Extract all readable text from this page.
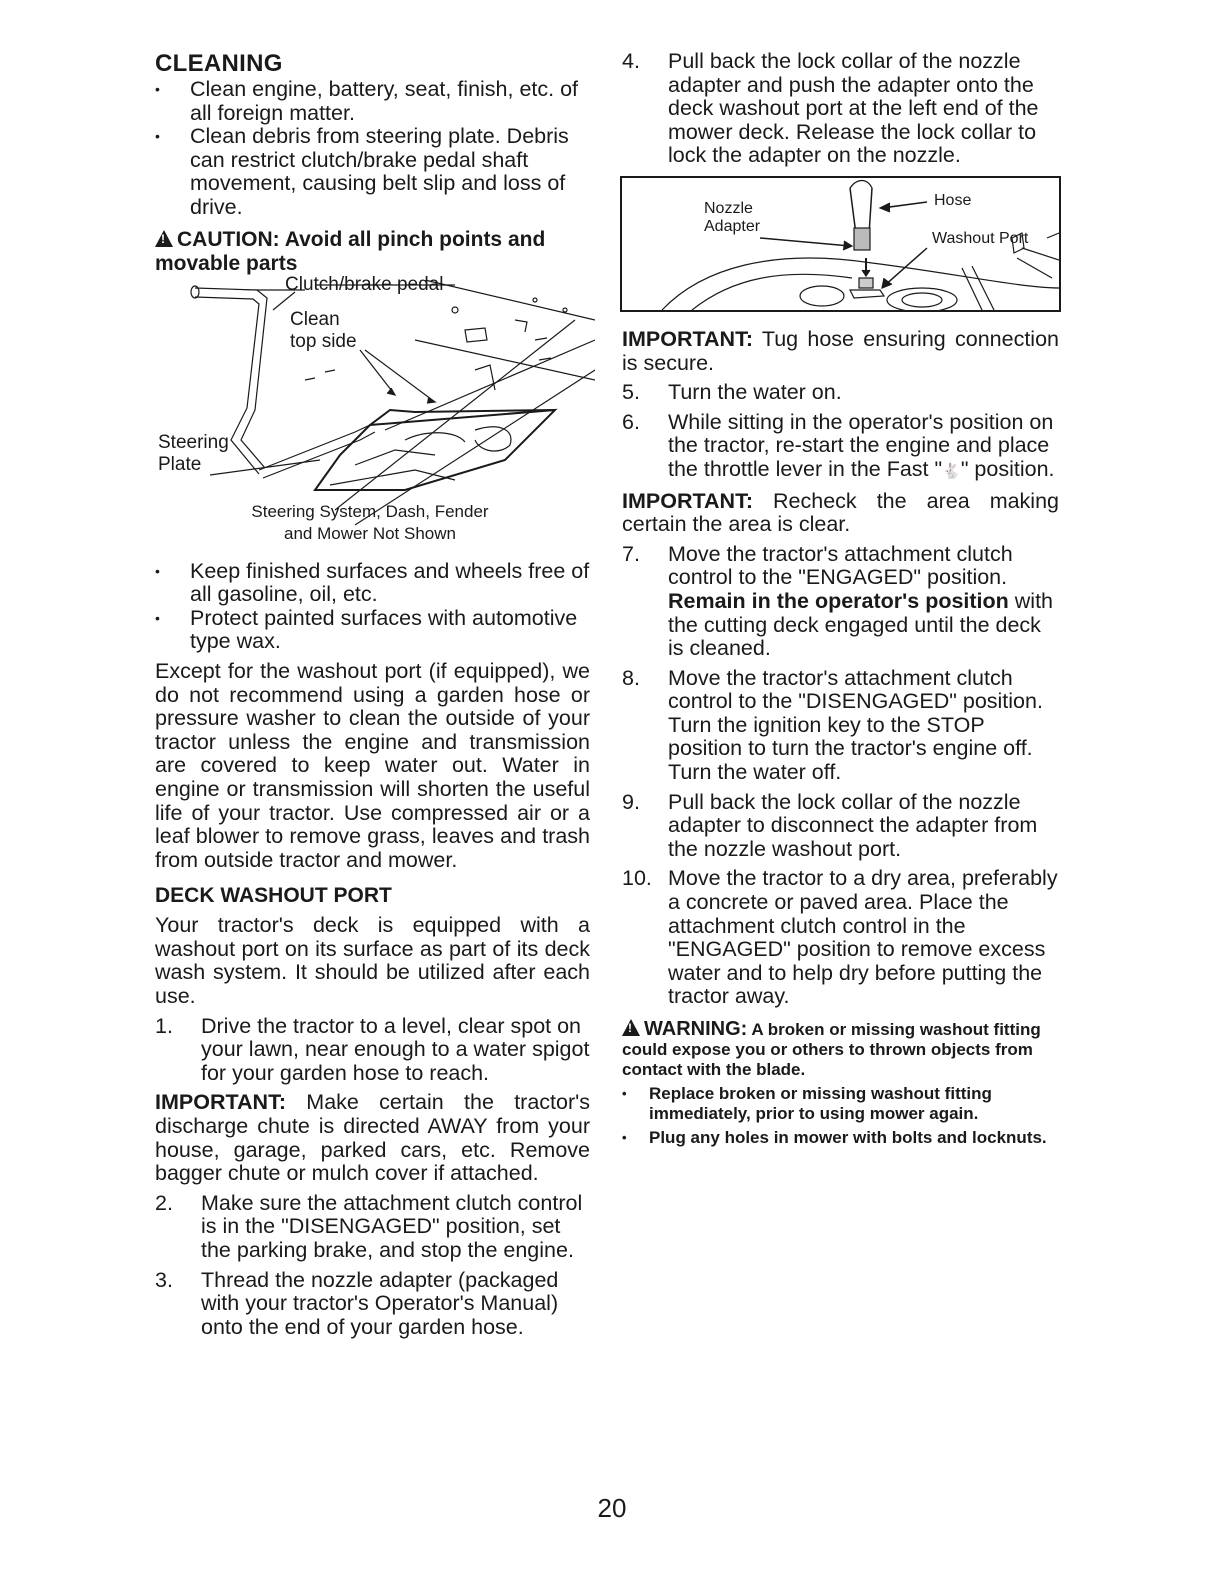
CLEANING
• Clean engine, battery, seat, finish, etc. of all foreign matter.
• Clean debris from steering plate. Debris can restrict clutch/brake pedal shaft movement, causing belt slip and loss of drive.
!CAUTION: Avoid all pinch points and movable parts
Clutch/brake pedal
Clean
top side
Steering
Plate
Steering System, Dash, Fender
and Mower Not Shown
• Keep finished surfaces and wheels free of all gasoline, oil, etc.
• Protect painted surfaces with automotive type wax.

Except for the washout port (if equipped), we do not recommend using a garden hose or pressure washer to clean the outside of your tractor unless the engine and transmission are covered to keep water out. Water in engine or transmission will shorten the useful life of your tractor. Use compressed air or a leaf blower to remove grass, leaves and trash from outside tractor and mower.

DECK WASHOUT PORT

Your tractor's deck is equipped with a washout port on its surface as part of its deck wash system. It should be utilized after each use.

1. Drive the tractor to a level, clear spot on your lawn, near enough to a water spigot for your garden hose to reach.

IMPORTANT: Make certain the tractor's discharge chute is directed AWAY from your house, garage, parked cars, etc. Remove bagger chute or mulch cover if attached.

2. Make sure the attachment clutch control is in the "DISENGAGED" position, set the parking brake, and stop the engine.
3. Thread the nozzle adapter (packaged with your tractor's Operator's Manual) onto the end of your garden hose.
4. Pull back the lock collar of the nozzle adapter and push the adapter onto the deck washout port at the left end of the mower deck. Release the lock collar to lock the adapter on the nozzle.
Nozzle
Adapter
Hose
Washout Port

IMPORTANT: Tug hose ensuring connection is secure.

5. Turn the water on.
6. While sitting in the operator's position on the tractor, re-start the engine and place the throttle lever in the Fast "🐇" position.

IMPORTANT: Recheck the area making certain the area is clear.

7. Move the tractor's attachment clutch control to the "ENGAGED" position. Remain in the operator's position with the cutting deck engaged until the deck is cleaned.
8. Move the tractor's attachment clutch control to the "DISENGAGED" position. Turn the ignition key to the STOP position to turn the tractor's engine off. Turn the water off.
9. Pull back the lock collar of the nozzle adapter to disconnect the adapter from the nozzle washout port.
10. Move the tractor to a dry area, preferably a concrete or paved area. Place the attachment clutch control in the "ENGAGED" position to remove excess water and to help dry before putting the tractor away.
!WARNING: A broken or missing washout fitting could expose you or others to thrown objects from contact with the blade.
• Replace broken or missing washout fitting immediately, prior to using mower again.
• Plug any holes in mower with bolts and locknuts.
20
